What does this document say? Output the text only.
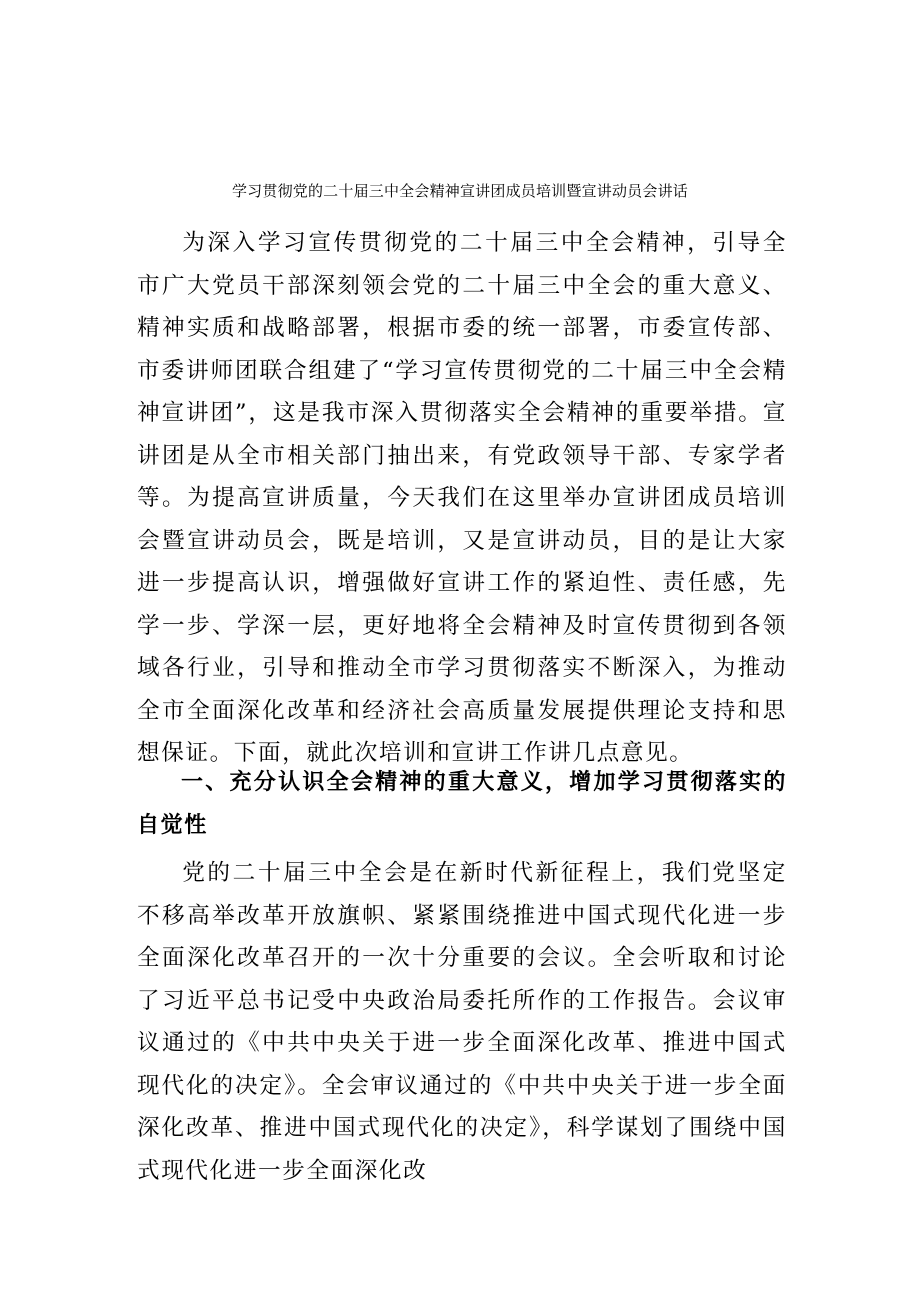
学习贯彻党的二十届三中全会精神宣讲团成员培训暨宣讲动员会讲话
为深入学习宣传贯彻党的二十届三中全会精神，引导全市广大党员干部深刻领会党的二十届三中全会的重大意义、精神实质和战略部署，根据市委的统一部署，市委宣传部、市委讲师团联合组建了“学习宣传贯彻党的二十届三中全会精神宣讲团”，这是我市深入贯彻落实全会精神的重要举措。宣讲团是从全市相关部门抽出来，有党政领导干部、专家学者等。为提高宣讲质量，今天我们在这里举办宣讲团成员培训会暨宣讲动员会，既是培训，又是宣讲动员，目的是让大家进一步提高认识，增强做好宣讲工作的紧迫性、责任感，先学一步、学深一层，更好地将全会精神及时宣传贯彻到各领域各行业，引导和推动全市学习贯彻落实不断深入，为推动全市全面深化改革和经济社会高质量发展提供理论支持和思想保证。下面，就此次培训和宣讲工作讲几点意见。
一、充分认识全会精神的重大意义，增加学习贯彻落实的自觉性
党的二十届三中全会是在新时代新征程上，我们党坚定不移高举改革开放旗帜、紧紧围绕推进中国式现代化进一步全面深化改革召开的一次十分重要的会议。全会听取和讨论了习近平总书记受中央政治局委托所作的工作报告。会议审议通过的《中共中央关于进一步全面深化改革、推进中国式现代化的决定》。全会审议通过的《中共中央关于进一步全面深化改革、推进中国式现代化的决定》，科学谋划了围绕中国式现代化进一步全面深化改
